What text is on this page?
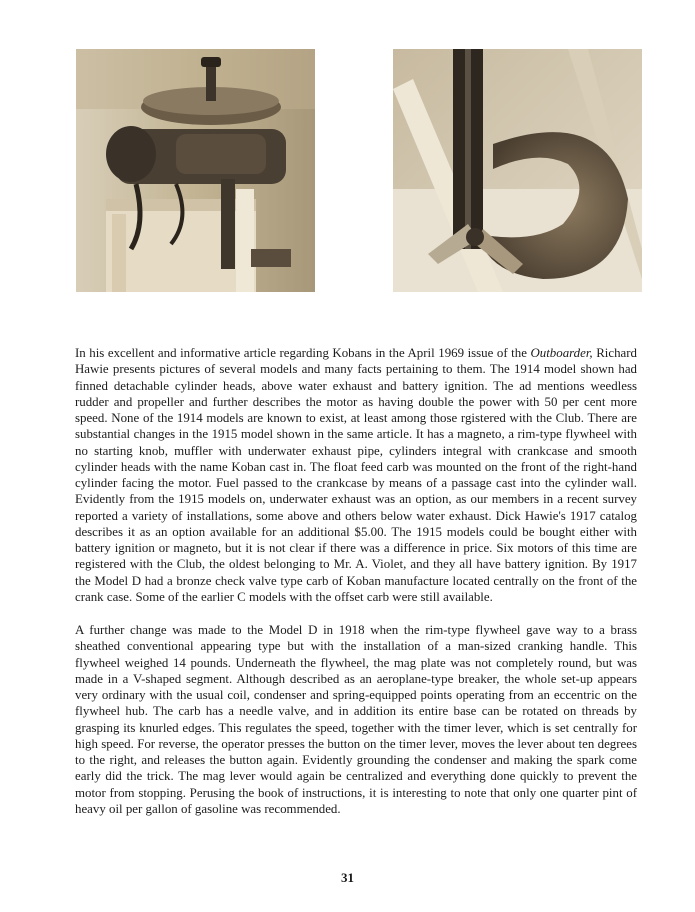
In his excellent and informative article regarding Kobans in the April 1969 issue of the Outboarder, Richard Hawie presents pictures of several models and many facts pertaining to them. The 1914 model shown had finned detachable cylinder heads, above water exhaust and battery ignition. The ad mentions weedless rudder and propeller and further describes the motor as having double the power with 50 per cent more speed. None of the 1914 models are known to exist, at least among those rgistered with the Club. There are substantial changes in the 1915 model shown in the same article. It has a magneto, a rim-type flywheel with no starting knob, muffler with underwater exhaust pipe, cylinders integral with crankcase and smooth cylinder heads with the name Koban cast in. The float feed carb was mounted on the front of the right-hand cylinder facing the motor. Fuel passed to the crankcase by means of a passage cast into the cylinder wall. Evidently from the 1915 models on, underwater exhaust was an option, as our members in a recent survey reported a variety of installations, some above and others below water exhaust. Dick Hawie's 1917 catalog describes it as an option available for an additional $5.00. The 1915 models could be bought either with battery ignition or magneto, but it is not clear if there was a difference in price. Six motors of this time are registered with the Club, the oldest belonging to Mr. A. Violet, and they all have battery ignition. By 1917 the Model D had a bronze check valve type carb of Koban manufacture located centrally on the front of the crank case. Some of the earlier C models with the offset carb were still available.
A further change was made to the Model D in 1918 when the rim-type flywheel gave way to a brass sheathed conventional appearing type but with the installation of a man-sized cranking handle. This flywheel weighed 14 pounds. Underneath the flywheel, the mag plate was not completely round, but was made in a V-shaped segment. Although described as an aeroplane-type breaker, the whole set-up appears very ordinary with the usual coil, condenser and spring-equipped points operating from an eccentric on the flywheel hub. The carb has a needle valve, and in addition its entire base can be rotated on threads by grasping its knurled edges. This regulates the speed, together with the timer lever, which is set centrally for high speed. For reverse, the operator presses the button on the timer lever, moves the lever about ten degrees to the right, and releases the button again. Evidently grounding the condenser and making the spark come early did the trick. The mag lever would again be centralized and everything done quickly to prevent the motor from stopping. Perusing the book of instructions, it is interesting to note that only one quarter pint of heavy oil per gallon of gasoline was recommended.
31
